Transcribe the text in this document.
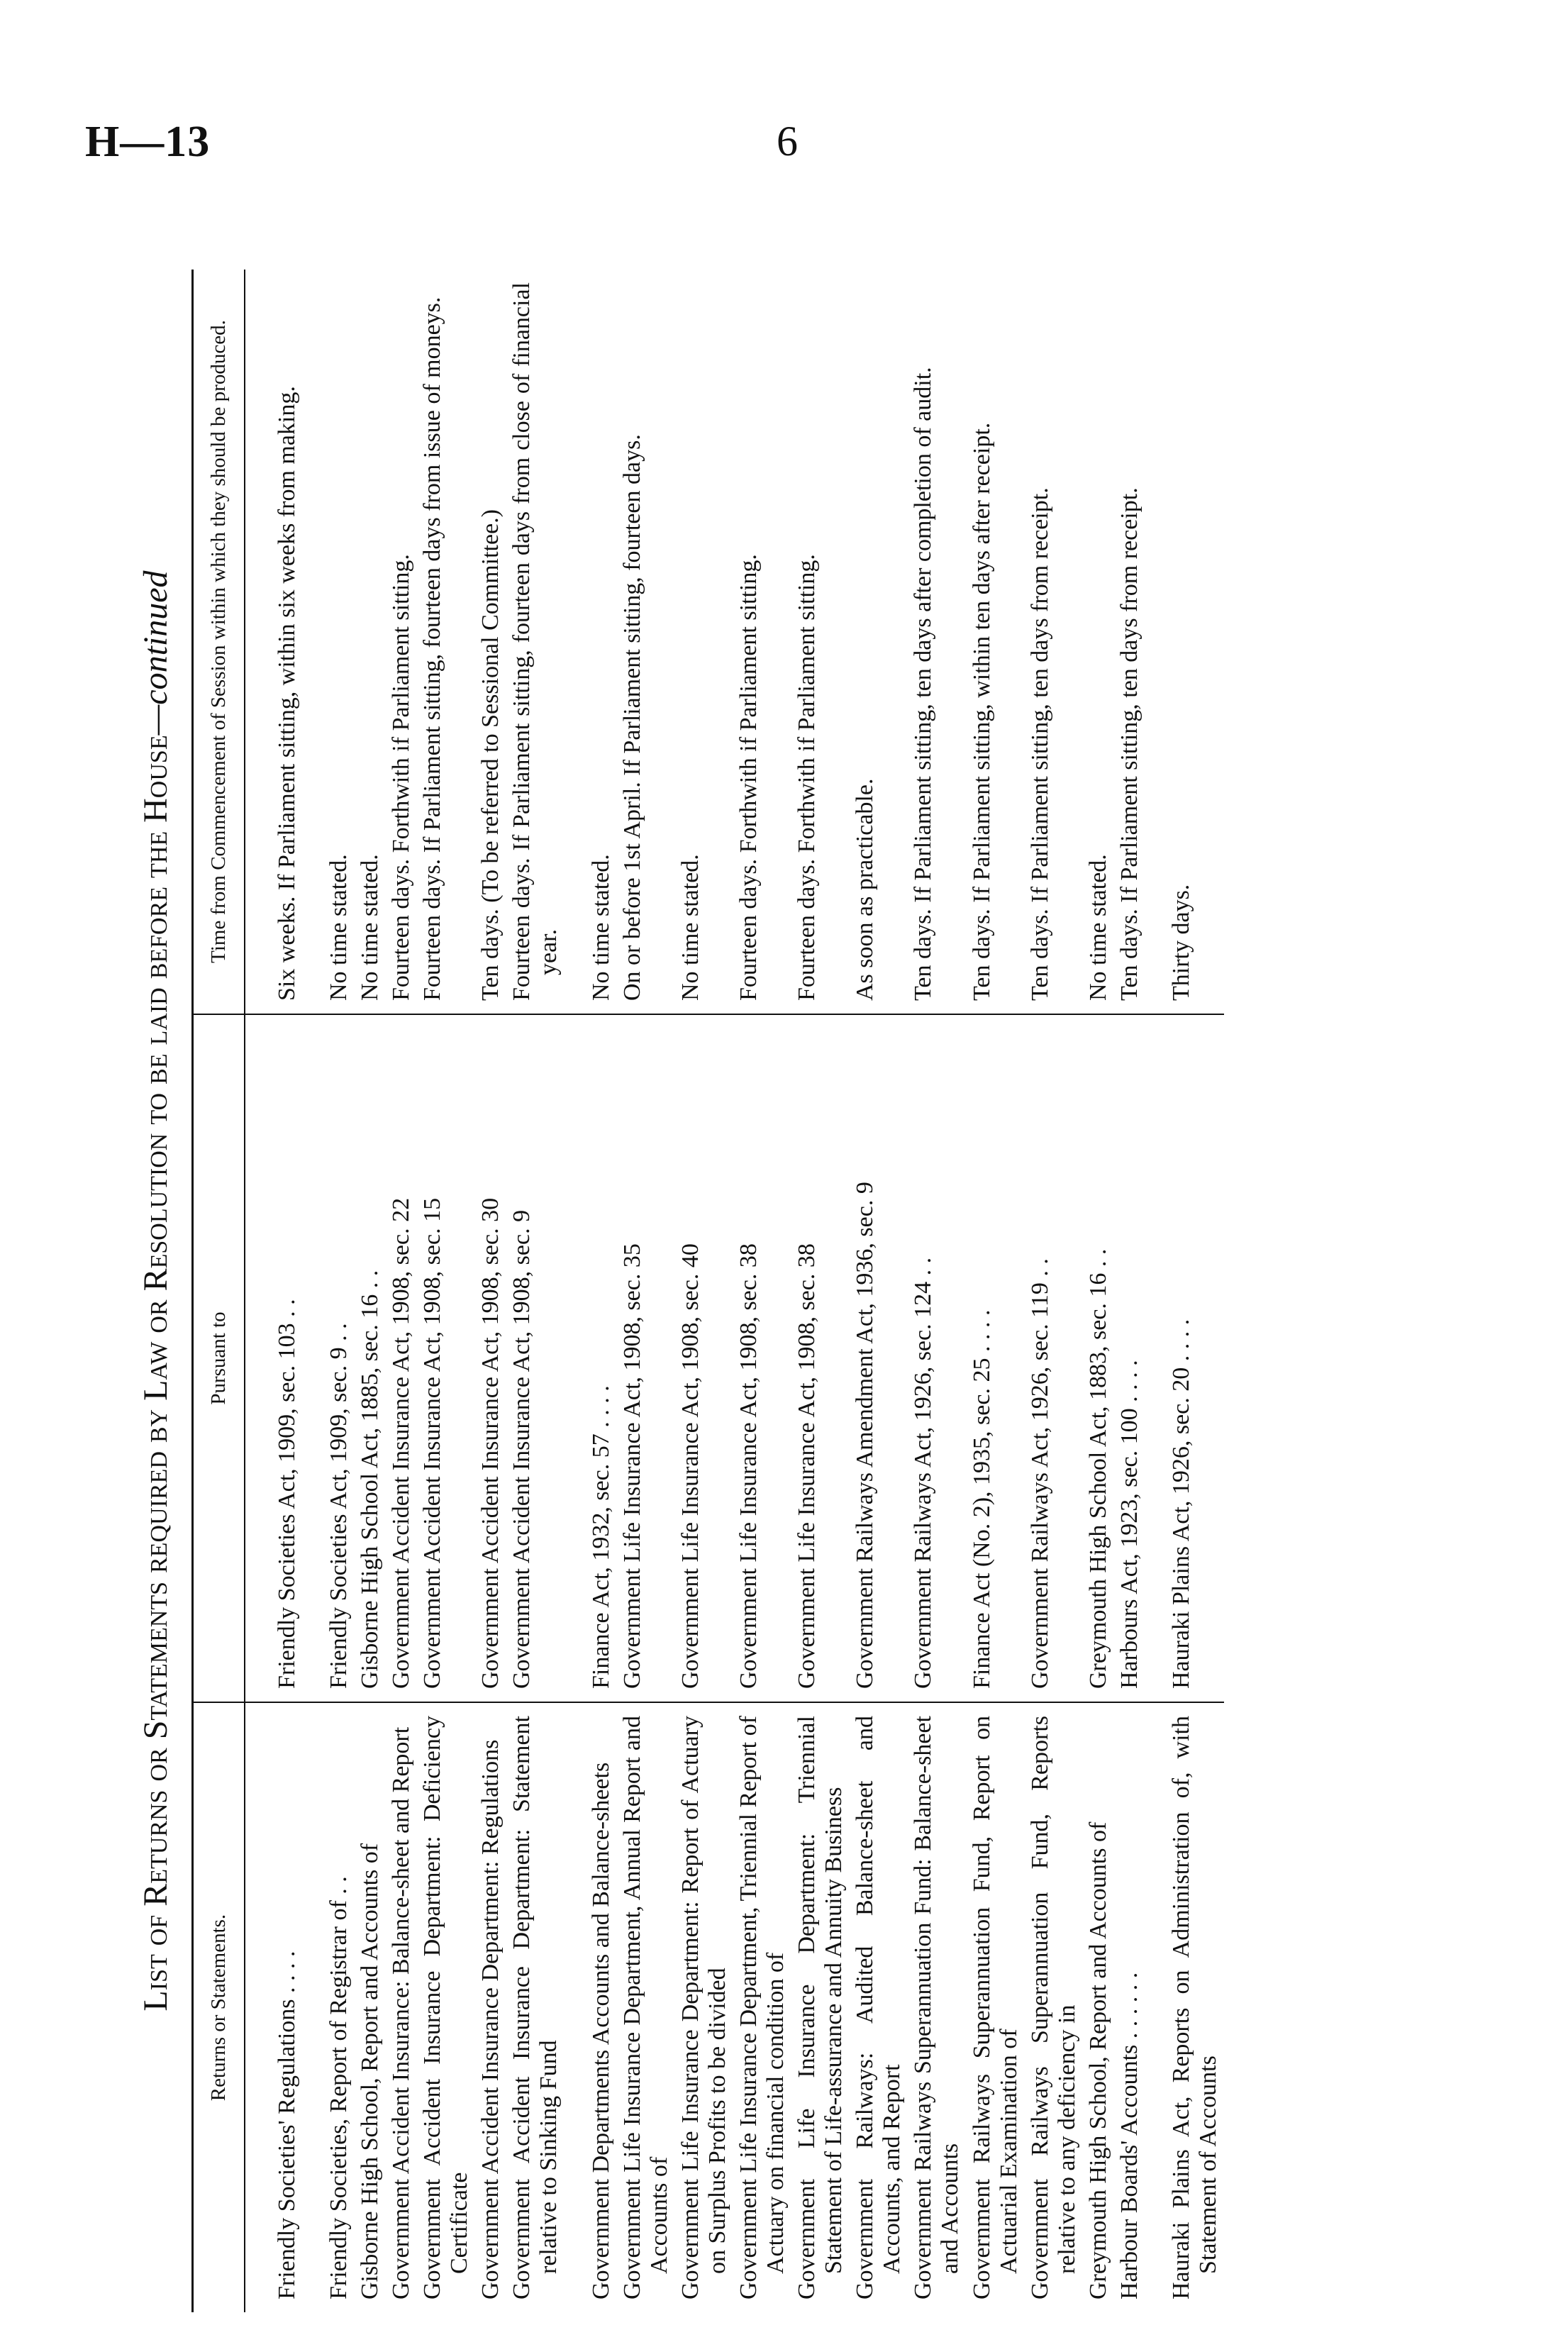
H—13	6
List of Returns or Statements required by Law or Resolution to be laid before the House—continued
Returns or Statements.	Pursuant to	Time from Commencement of Session within which they should be produced.

Friendly Societies' Regulations . . . .	Friendly Societies Act, 1909, sec. 103 . .	Six weeks. If Parliament sitting, within six weeks from making.

Friendly Societies, Report of Registrar of . .	Friendly Societies Act, 1909, sec. 9 . .	No time stated.

Gisborne High School, Report and Accounts of	Gisborne High School Act, 1885, sec. 16 . .	No time stated.

Government Accident Insurance: Balance-sheet and Report	Government Accident Insurance Act, 1908, sec. 22	Fourteen days. Forthwith if Parliament sitting.

Government Accident Insurance Department: Deficiency Certificate	Government Accident Insurance Act, 1908, sec. 15	Fourteen days. If Parliament sitting, fourteen days from issue of moneys.

Government Accident Insurance Department: Regulations	Government Accident Insurance Act, 1908, sec. 30	Ten days. (To be referred to Sessional Committee.)

Government Accident Insurance Department: Statement relative to Sinking Fund	Government Accident Insurance Act, 1908, sec. 9	Fourteen days. If Parliament sitting, fourteen days from close of financial year.

Government Departments Accounts and Balance-sheets	Finance Act, 1932, sec. 57 . . . .	No time stated.

Government Life Insurance Department, Annual Report and Accounts of	Government Life Insurance Act, 1908, sec. 35	On or before 1st April. If Parliament sitting, fourteen days.

Government Life Insurance Department: Report of Actuary on Surplus Profits to be divided	Government Life Insurance Act, 1908, sec. 40	No time stated.

Government Life Insurance Department, Triennial Report of Actuary on financial condition of	Government Life Insurance Act, 1908, sec. 38	Fourteen days. Forthwith if Parliament sitting.

Government Life Insurance Department: Triennial Statement of Life-assurance and Annuity Business	Government Life Insurance Act, 1908, sec. 38	Fourteen days. Forthwith if Parliament sitting.

Government Railways: Audited Balance-sheet and Accounts, and Report	Government Railways Amendment Act, 1936, sec. 9	As soon as practicable.

Government Railways Superannuation Fund: Balance-sheet and Accounts	Government Railways Act, 1926, sec. 124 . .	Ten days. If Parliament sitting, ten days after completion of audit.

Government Railways Superannuation Fund, Report on Actuarial Examination of	Finance Act (No. 2), 1935, sec. 25 . . . .	Ten days. If Parliament sitting, within ten days after receipt.

Government Railways Superannuation Fund, Reports relative to any deficiency in	Government Railways Act, 1926, sec. 119 . .	Ten days. If Parliament sitting, ten days from receipt.

Greymouth High School, Report and Accounts of	Greymouth High School Act, 1883, sec. 16 . .	No time stated.

Harbour Boards' Accounts . . . . . .	Harbours Act, 1923, sec. 100 . . . .	Ten days. If Parliament sitting, ten days from receipt.

Hauraki Plains Act, Reports on Administration of, with Statement of Accounts	Hauraki Plains Act, 1926, sec. 20 . . . .	Thirty days.
